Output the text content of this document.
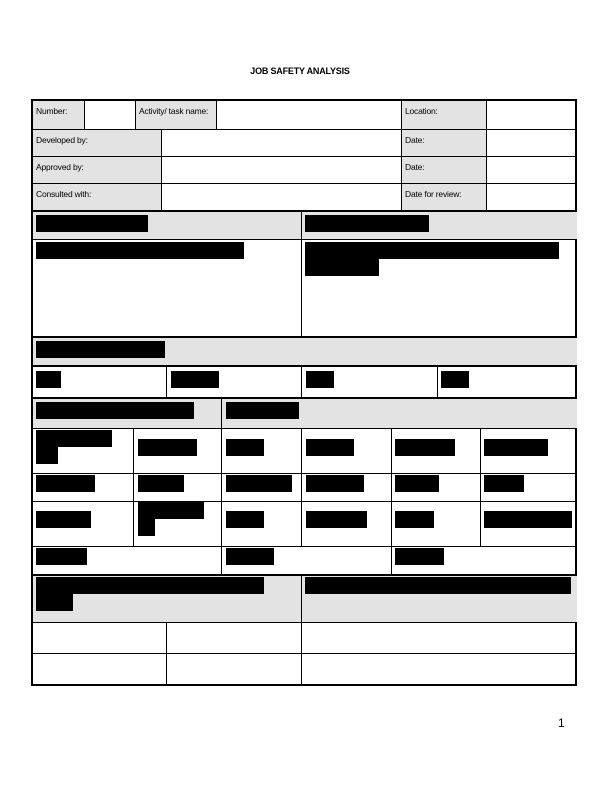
JOB SAFETY ANALYSIS
Number:	Activity/ task name:	Location:
Developed by:	Date:
Approved by:	Date:
Consulted with:	Date for review:
1
